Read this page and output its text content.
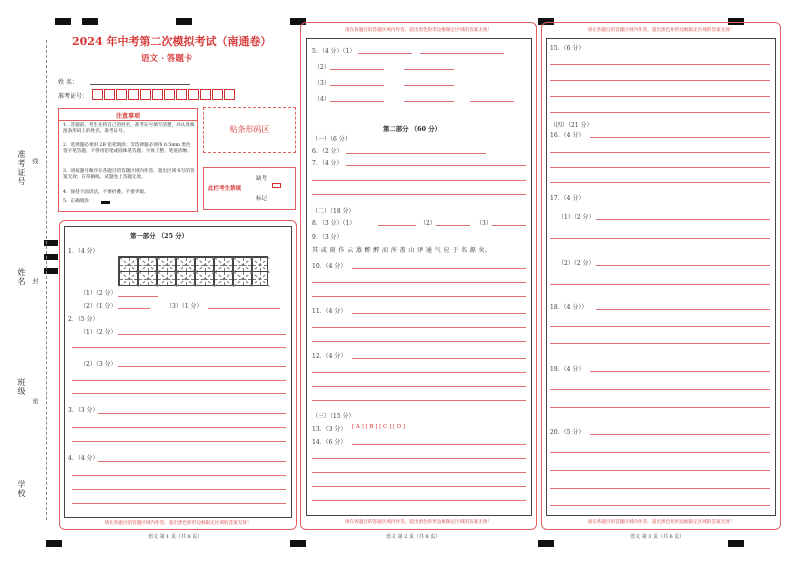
准考证号 线
姓名 封
班级
密
学校
2024 年中考第二次模拟考试（南通卷）
语文 · 答题卡
姓 名：
准考证号：
注意事项
1．答题前，考生先将自己的姓名、准考证号填写清楚，并认真核准条形码上的姓名、准考证号。
2．选择题必须用 2B 铅笔填涂；非选择题必须用 0.5mm 黑色签字笔答题，不得用铅笔或圆珠笔答题；字体工整、笔迹清晰。
3．请按题号顺序在各题目的答题区域内作答，超出区域书写的答案无效；在草稿纸、试题卷上答题无效。
4．保持卡面清洁，不要折叠、不要弄破。
5．正确填涂
贴条形码区
此栏考生禁填
缺考
标记
第一部分 （25 分）
1．（4 分）
（1）（2 分）
（2）（1 分）	（3）（1 分）
2．（5 分）
（1）（2 分）
（2）（3 分）
3．（3 分）
4．（4 分）
请在各题目的答题区域内作答，超出黑色矩形边框限定区域的答案无效！
语文 第 1 页（共 6 页）
请在各题目的答题区域内作答，超出黑色矩形边框限定区域的答案无效！
5．（4 分）（1）
（2）
（3）
（4）
第二部分 （60 分）
（一）（6 分）
6．（2 分）
7．（4 分）
（二）（18 分）
8．（3 分）（1）	（2）	（3）
9．（3 分）
其 或 雨 作 云 蒸 醉 醉 而 浑 盖 山 泽 通 气 应 于 名 源 矣。
10．（4 分）
11．（4 分）
12．（4 分）
（三）（15 分）
13．（3 分） [ A ] [ B ] [ C ] [ D ]
14．（6 分）
请在各题目的答题区域内作答，超出黑色矩形边框限定区域的答案无效！
语文 第 2 页（共 6 页）
请在各题目的答题区域内作答，超出黑色矩形边框限定区域的答案无效！
15．（6 分）
（四）（21 分）
16．（4 分）
17．（4 分）
（1）（2 分）
（2）（2 分）
18．（4 分））
19．（4 分）
20．（5 分）
请在各题目的答题区域内作答，超出黑色矩形边框限定区域的答案无效！
语文 第 3 页（共 6 页）
